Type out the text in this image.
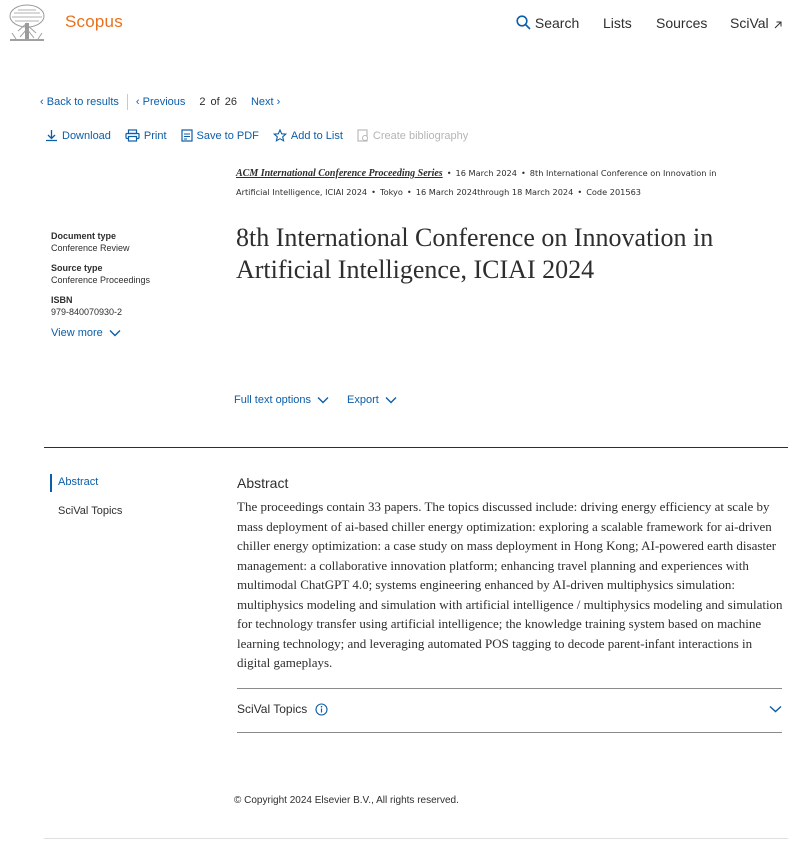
Scopus	Search Lists Sources SciVal
‹ Back to results ‹ Previous 2 of 26 Next ›
Download	Print	Save to PDF	Add to List	Create bibliography
ACM International Conference Proceeding Series • 16 March 2024 • 8th International Conference on Innovation in
Artificial Intelligence, ICIAI 2024 • Tokyo • 16 March 2024through 18 March 2024 • Code 201563
Document type
Conference Review
Source type
Conference Proceedings
ISBN
979-840070930-2
View more
8th International Conference on Innovation in Artificial Intelligence, ICIAI 2024
Full text options	Export
Abstract
SciVal Topics
Abstract

The proceedings contain 33 papers. The topics discussed include: driving energy efficiency at scale by mass deployment of ai-based chiller energy optimization: exploring a scalable framework for ai-driven chiller energy optimization: a case study on mass deployment in Hong Kong; AI-powered earth disaster management: a collaborative innovation platform; enhancing travel planning and experiences with multimodal ChatGPT 4.0; systems engineering enhanced by AI-driven multiphysics simulation: multiphysics modeling and simulation with artificial intelligence / multiphysics modeling and simulation for technology transfer using artificial intelligence; the knowledge training system based on machine learning technology; and leveraging automated POS tagging to decode parent-infant interactions in digital gameplays.

SciVal Topics
© Copyright 2024 Elsevier B.V., All rights reserved.
